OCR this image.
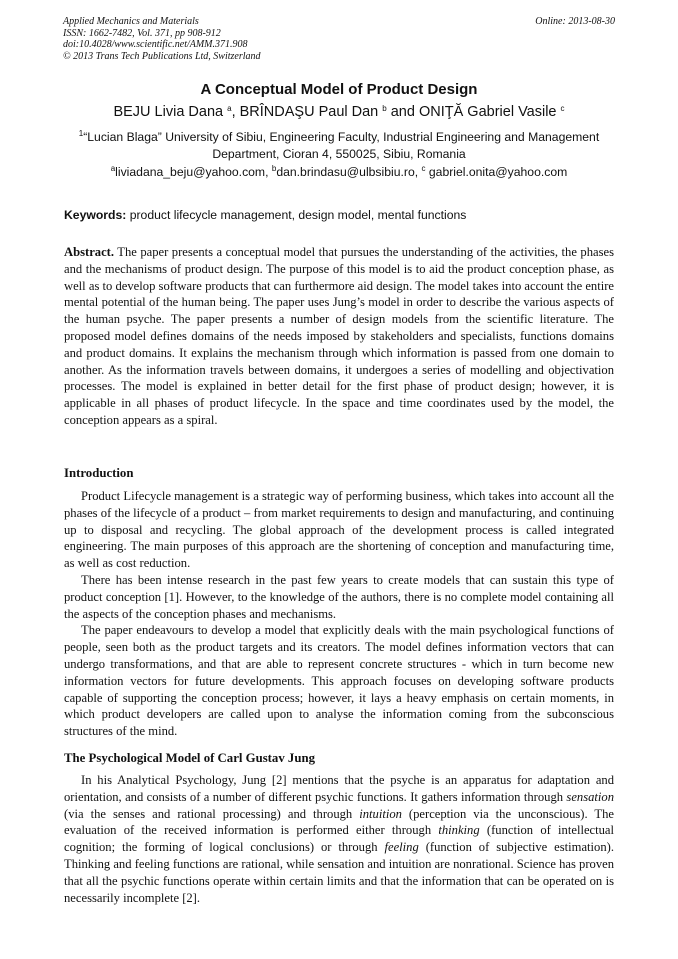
Applied Mechanics and Materials
ISSN: 1662-7482, Vol. 371, pp 908-912
doi:10.4028/www.scientific.net/AMM.371.908
© 2013 Trans Tech Publications Ltd, Switzerland
Online: 2013-08-30
A Conceptual Model of Product Design
BEJU Livia Dana $^a$, BRÎNDAŞU Paul Dan $^b$ and ONIŢĂ Gabriel Vasile $^c$
$^1$“Lucian Blaga” University of Sibiu, Engineering Faculty, Industrial Engineering and Management Department, Cioran 4, 550025, Sibiu, Romania
$^a$liviadana_beju@yahoo.com, $^b$dan.brindasu@ulbsibiu.ro, $^c$ gabriel.onita@yahoo.com
Keywords: product lifecycle management, design model, mental functions
Abstract. The paper presents a conceptual model that pursues the understanding of the activities, the phases and the mechanisms of product design. The purpose of this model is to aid the product conception phase, as well as to develop software products that can furthermore aid design. The model takes into account the entire mental potential of the human being. The paper uses Jung’s model in order to describe the various aspects of the human psyche. The paper presents a number of design models from the scientific literature. The proposed model defines domains of the needs imposed by stakeholders and specialists, functions domains and product domains. It explains the mechanism through which information is passed from one domain to another. As the information travels between domains, it undergoes a series of modelling and objectivation processes. The model is explained in better detail for the first phase of product design; however, it is applicable in all phases of product lifecycle. In the space and time coordinates used by the model, the conception appears as a spiral.
Introduction

Product Lifecycle management is a strategic way of performing business, which takes into account all the phases of the lifecycle of a product – from market requirements to design and manufacturing, and continuing up to disposal and recycling. The global approach of the development process is called integrated engineering. The main purposes of this approach are the shortening of conception and manufacturing time, as well as cost reduction.

There has been intense research in the past few years to create models that can sustain this type of product conception [1]. However, to the knowledge of the authors, there is no complete model containing all the aspects of the conception phases and mechanisms.

The paper endeavours to develop a model that explicitly deals with the main psychological functions of people, seen both as the product targets and its creators. The model defines information vectors that can undergo transformations, and that are able to represent concrete structures - which in turn become new information vectors for future developments. This approach focuses on developing software products capable of supporting the conception process; however, it lays a heavy emphasis on certain moments, in which product developers are called upon to analyse the information coming from the subconscious structures of the mind.

The Psychological Model of Carl Gustav Jung

In his Analytical Psychology, Jung [2] mentions that the psyche is an apparatus for adaptation and orientation, and consists of a number of different psychic functions. It gathers information through sensation (via the senses and rational processing) and through intuition (perception via the unconscious). The evaluation of the received information is performed either through thinking (function of intellectual cognition; the forming of logical conclusions) or through feeling (function of subjective estimation). Thinking and feeling functions are rational, while sensation and intuition are nonrational. Science has proven that all the psychic functions operate within certain limits and that the information that can be operated on is necessarily incomplete [2].
